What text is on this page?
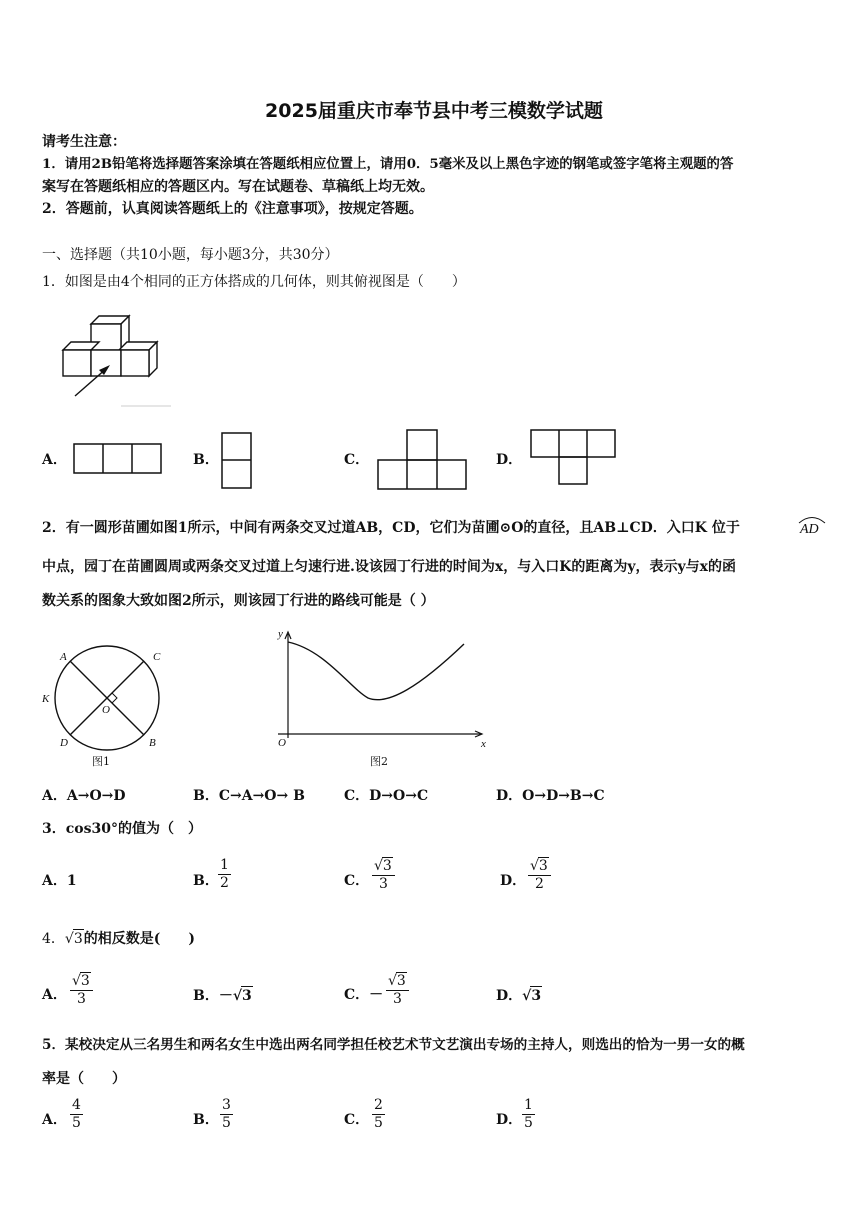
2025届重庆市奉节县中考三模数学试题
请考生注意：
1．请用2B铅笔将选择题答案涂填在答题纸相应位置上，请用0．5毫米及以上黑色字迹的钢笔或签字笔将主观题的答
案写在答题纸相应的答题区内。写在试题卷、草稿纸上均无效。
2．答题前，认真阅读答题纸上的《注意事项》，按规定答题。
一、选择题（共10小题，每小题3分，共30分）
1．如图是由4个相同的正方体搭成的几何体，则其俯视图是（　　）
A．	B．	C．	D．
2．有一圆形苗圃如图1所示，中间有两条交叉过道AB，CD，它们为苗圃⊙O的直径，且AB⊥CD．入口K 位于	AD
中点，园丁在苗圃圆周或两条交叉过道上匀速行进.设该园丁行进的时间为x，与入口K的距离为y，表示y与x的函
数关系的图象大致如图2所示，则该园丁行进的路线可能是（ ）
A	C
K
O
D	B
图1
y
x
O
图2
A．A→O→D	B．C→A→O→ B	C．D→O→C	D．O→D→B→C
3．cos30°的值为（　）
A．1	B． $\frac{1}{2}$	C． $\frac{√3}{3}$	D． $\frac{√3}{2}$
4．√3的相反数是(　　)
A． $\frac{√3}{3}$	B．－√3	C．－ $\frac{√3}{3}$	D．√3
5．某校决定从三名男生和两名女生中选出两名同学担任校艺术节文艺演出专场的主持人，则选出的恰为一男一女的概
率是（　　）
A． $\frac{4}{5}$	B． $\frac{3}{5}$	C． $\frac{2}{5}$	D． $\frac{1}{5}$
